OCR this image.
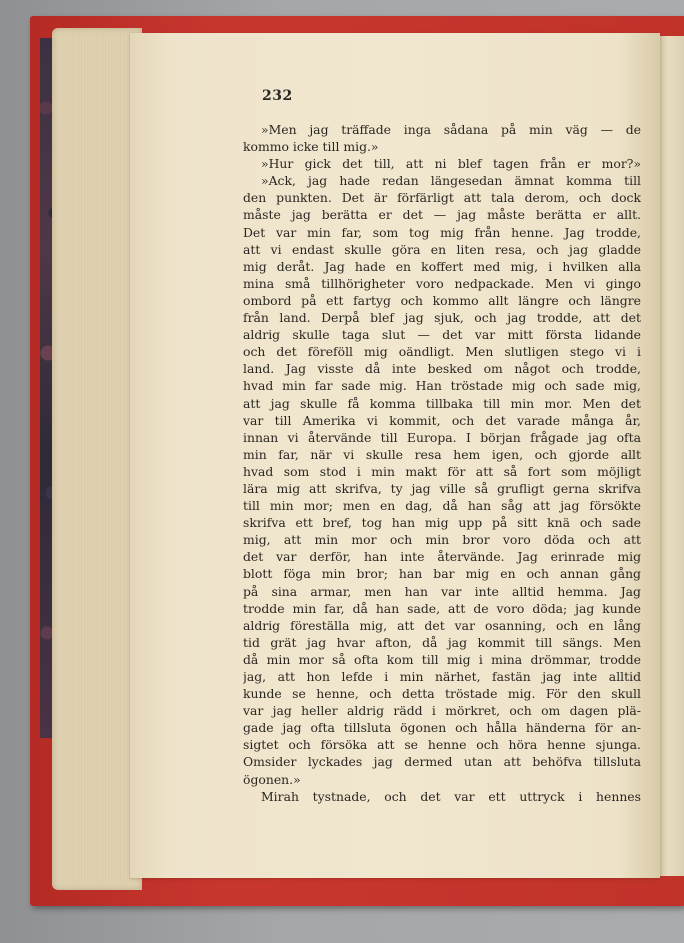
232
»Men jag träffade inga sådana på min väg — de
kommo icke till mig.»
»Hur gick det till, att ni blef tagen från er mor?»
»Ack, jag hade redan längesedan ämnat komma till
den punkten. Det är förfärligt att tala derom, och dock
måste jag berätta er det — jag måste berätta er allt.
Det var min far, som tog mig från henne. Jag trodde,
att vi endast skulle göra en liten resa, och jag gladde
mig deråt. Jag hade en koffert med mig, i hvilken alla
mina små tillhörigheter voro nedpackade. Men vi gingo
ombord på ett fartyg och kommo allt längre och längre
från land. Derpå blef jag sjuk, och jag trodde, att det
aldrig skulle taga slut — det var mitt första lidande
och det föreföll mig oändligt. Men slutligen stego vi i
land. Jag visste då inte besked om något och trodde,
hvad min far sade mig. Han tröstade mig och sade mig,
att jag skulle få komma tillbaka till min mor. Men det
var till Amerika vi kommit, och det varade många år,
innan vi återvände till Europa. I början frågade jag ofta
min far, när vi skulle resa hem igen, och gjorde allt
hvad som stod i min makt för att så fort som möjligt
lära mig att skrifva, ty jag ville så grufligt gerna skrifva
till min mor; men en dag, då han såg att jag försökte
skrifva ett bref, tog han mig upp på sitt knä och sade
mig, att min mor och min bror voro döda och att
det var derför, han inte återvände. Jag erinrade mig
blott föga min bror; han bar mig en och annan gång
på sina armar, men han var inte alltid hemma. Jag
trodde min far, då han sade, att de voro döda; jag kunde
aldrig föreställa mig, att det var osanning, och en lång
tid grät jag hvar afton, då jag kommit till sängs. Men
då min mor så ofta kom till mig i mina drömmar, trodde
jag, att hon lefde i min närhet, fastän jag inte alltid
kunde se henne, och detta tröstade mig. För den skull
var jag heller aldrig rädd i mörkret, och om dagen plä-
gade jag ofta tillsluta ögonen och hålla händerna för an-
sigtet och försöka att se henne och höra henne sjunga.
Omsider lyckades jag dermed utan att behöfva tillsluta
ögonen.»
Mirah tystnade, och det var ett uttryck i hennes
